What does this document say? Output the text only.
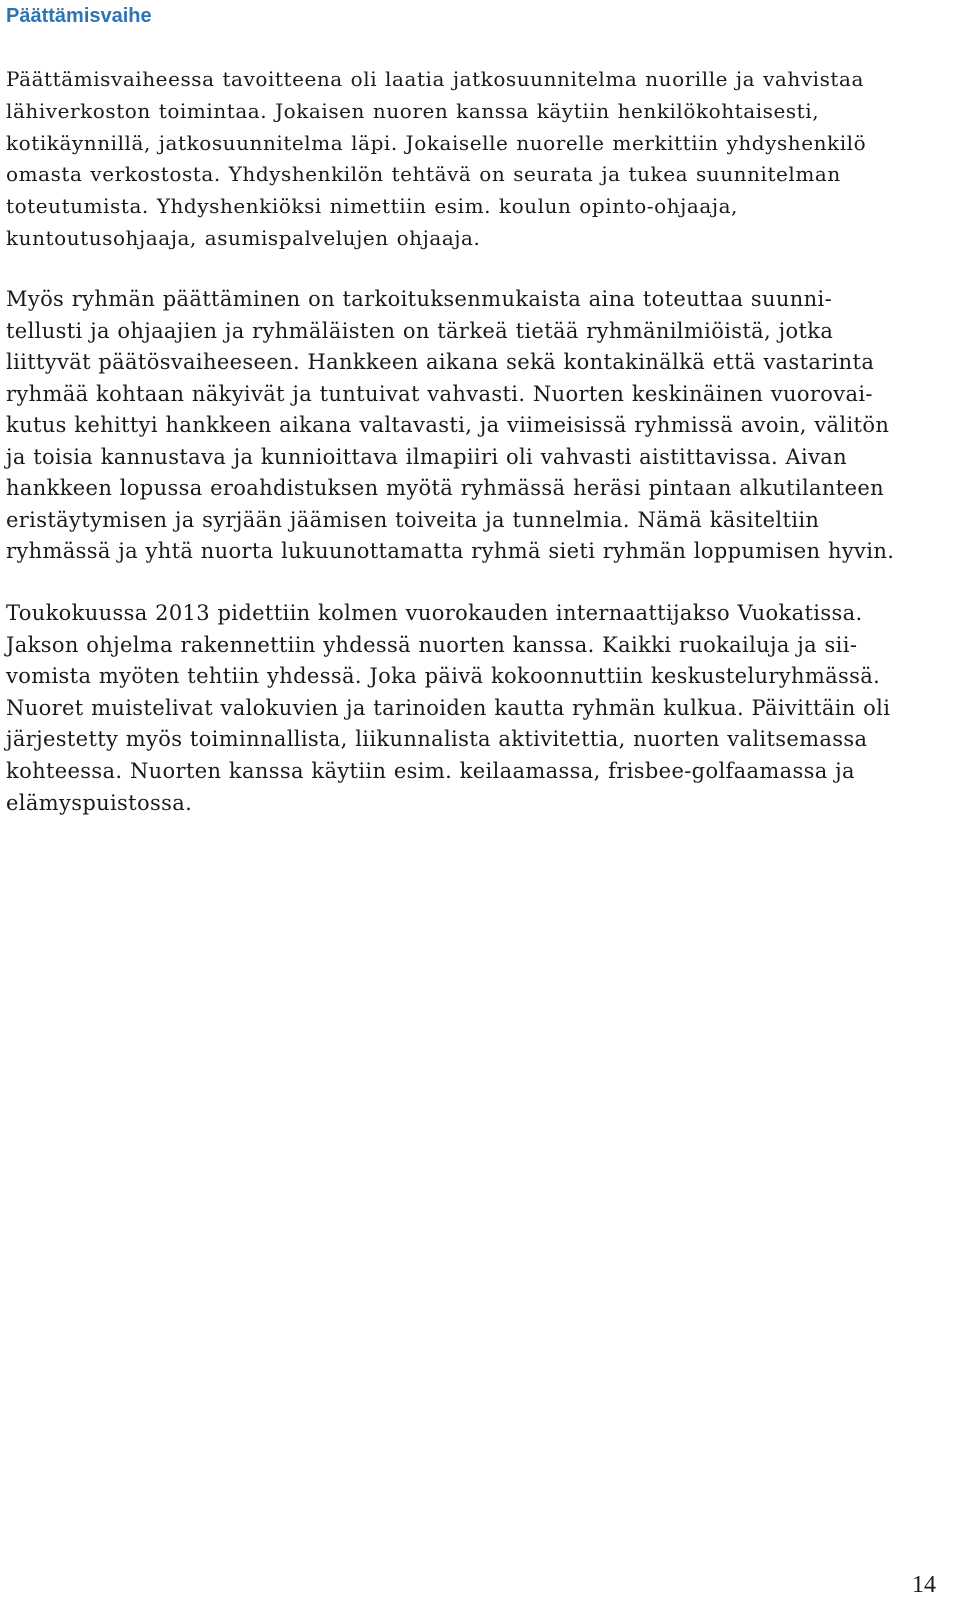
Päättämisvaihe
Päättämisvaiheessa tavoitteena oli laatia jatkosuunnitelma nuorille ja vahvistaa
lähiverkoston toimintaa. Jokaisen nuoren kanssa käytiin henkilökohtaisesti,
kotikäynnillä, jatkosuunnitelma läpi. Jokaiselle nuorelle merkittiin yhdyshenkilö
omasta verkostosta. Yhdyshenkilön tehtävä on seurata ja tukea suunnitelman
toteutumista. Yhdyshenkiöksi nimettiin esim. koulun opinto-ohjaaja,
kuntoutusohjaaja, asumispalvelujen ohjaaja.
Myös ryhmän päättäminen on tarkoituksenmukaista aina toteuttaa suunni-
tellusti ja ohjaajien ja ryhmäläisten on tärkeä tietää ryhmänilmiöistä, jotka
liittyvät päätösvaiheeseen. Hankkeen aikana sekä kontakinälkä että vastarinta
ryhmää kohtaan näkyivät ja tuntuivat vahvasti. Nuorten keskinäinen vuorovai-
kutus kehittyi hankkeen aikana valtavasti, ja viimeisissä ryhmissä avoin, välitön
ja toisia kannustava ja kunnioittava ilmapiiri oli vahvasti aistittavissa. Aivan
hankkeen lopussa eroahdistuksen myötä ryhmässä heräsi pintaan alkutilanteen
eristäytymisen ja syrjään jäämisen toiveita ja tunnelmia. Nämä käsiteltiin
ryhmässä ja yhtä nuorta lukuunottamatta ryhmä sieti ryhmän loppumisen hyvin.
Toukokuussa 2013 pidettiin kolmen vuorokauden internaattijakso Vuokatissa.
Jakson ohjelma rakennettiin yhdessä nuorten kanssa. Kaikki ruokailuja ja sii-
vomista myöten tehtiin yhdessä. Joka päivä kokoonnuttiin keskusteluryhmässä.
Nuoret muistelivat valokuvien ja tarinoiden kautta ryhmän kulkua. Päivittäin oli
järjestetty myös toiminnallista, liikunnalista aktivitettia, nuorten valitsemassa
kohteessa. Nuorten kanssa käytiin esim. keilaamassa, frisbee-golfaamassa ja
elämyspuistossa.
14
